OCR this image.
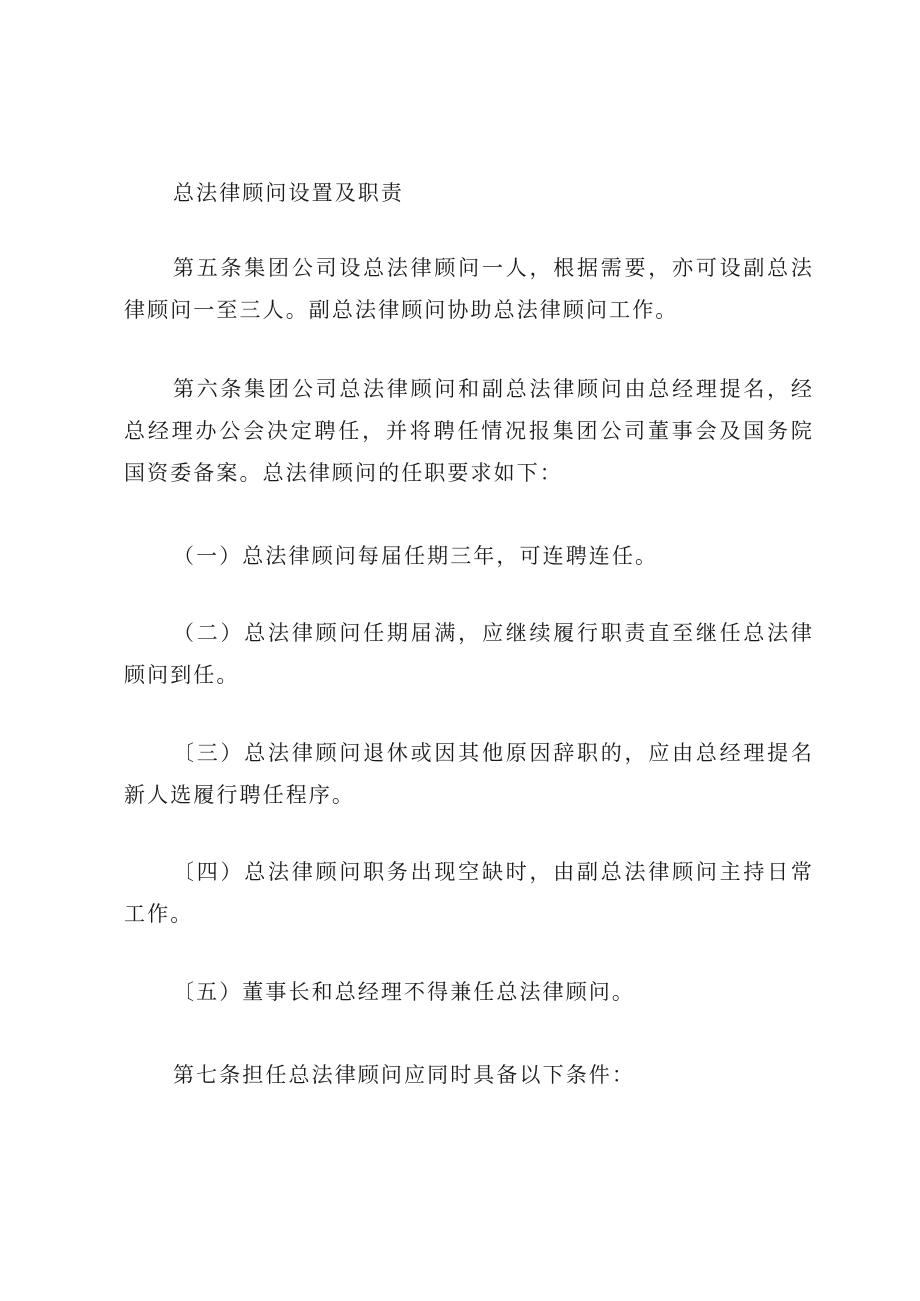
总法律顾问设置及职责

第五条集团公司设总法律顾问一人，根据需要，亦可设副总法律顾问一至三人。副总法律顾问协助总法律顾问工作。

第六条集团公司总法律顾问和副总法律顾问由总经理提名，经总经理办公会决定聘任，并将聘任情况报集团公司董事会及国务院国资委备案。总法律顾问的任职要求如下：

（一）总法律顾问每届任期三年，可连聘连任。

（二）总法律顾问任期届满，应继续履行职责直至继任总法律顾问到任。

〔三）总法律顾问退休或因其他原因辞职的，应由总经理提名新人选履行聘任程序。

〔四）总法律顾问职务出现空缺时，由副总法律顾问主持日常工作。

〔五）董事长和总经理不得兼任总法律顾问。

第七条担任总法律顾问应同时具备以下条件：
